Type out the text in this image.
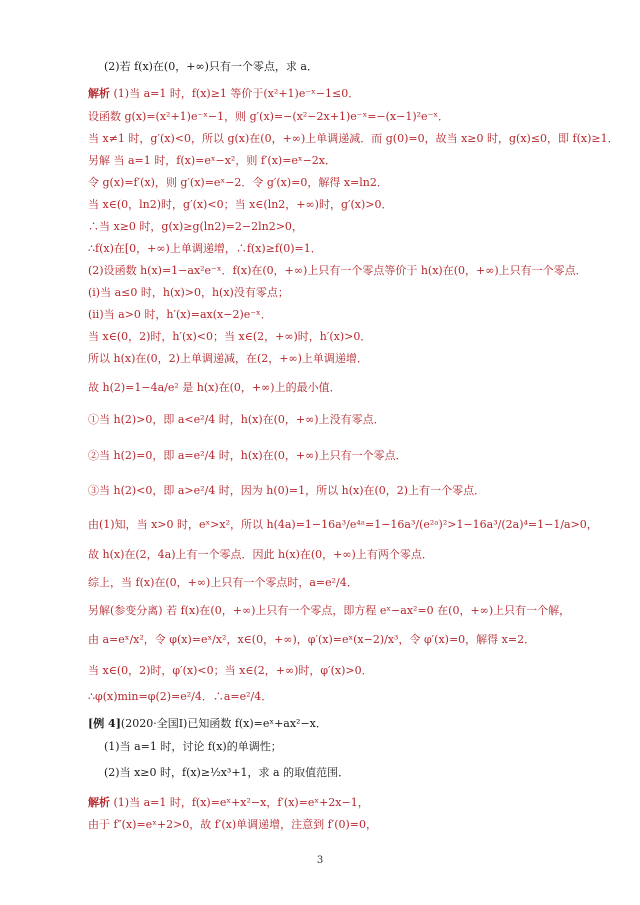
(2)若 f(x)在(0，+∞)只有一个零点，求 a．
解析 (1)当 a=1 时，f(x)≥1 等价于(x²+1)e⁻ˣ−1≤0．
设函数 g(x)=(x²+1)e⁻ˣ−1，则 g′(x)=−(x²−2x+1)e⁻ˣ=−(x−1)²e⁻ˣ．
当 x≠1 时，g′(x)<0，所以 g(x)在(0，+∞)上单调递减．而 g(0)=0，故当 x≥0 时，g(x)≤0，即 f(x)≥1．
另解 当 a=1 时，f(x)=eˣ−x²，则 f′(x)=eˣ−2x．
令 g(x)=f′(x)，则 g′(x)=eˣ−2．令 g′(x)=0，解得 x=ln2．
当 x∈(0，ln2)时，g′(x)<0；当 x∈(ln2，+∞)时，g′(x)>0．
∴当 x≥0 时，g(x)≥g(ln2)=2−2ln2>0，
∴f(x)在[0，+∞)上单调递增，∴f(x)≥f(0)=1．
(2)设函数 h(x)=1−ax²e⁻ˣ．f(x)在(0，+∞)上只有一个零点等价于 h(x)在(0，+∞)上只有一个零点．
(i)当 a≤0 时，h(x)>0，h(x)没有零点；
(ii)当 a>0 时，h′(x)=ax(x−2)e⁻ˣ．
当 x∈(0，2)时，h′(x)<0；当 x∈(2，+∞)时，h′(x)>0．
所以 h(x)在(0，2)上单调递减，在(2，+∞)上单调递增．
故 h(2)=1−4a/e² 是 h(x)在(0，+∞)上的最小值．
①当 h(2)>0，即 a<e²/4 时，h(x)在(0，+∞)上没有零点．
②当 h(2)=0，即 a=e²/4 时，h(x)在(0，+∞)上只有一个零点．
③当 h(2)<0，即 a>e²/4 时，因为 h(0)=1，所以 h(x)在(0，2)上有一个零点．
由(1)知，当 x>0 时，eˣ>x²，所以 h(4a)=1−16a³/e⁴ᵃ=1−16a³/(e²ᵃ)²>1−16a³/(2a)⁴=1−1/a>0，
故 h(x)在(2，4a)上有一个零点．因此 h(x)在(0，+∞)上有两个零点．
综上，当 f(x)在(0，+∞)上只有一个零点时，a=e²/4．
另解(参变分离) 若 f(x)在(0，+∞)上只有一个零点，即方程 eˣ−ax²=0 在(0，+∞)上只有一个解，
由 a=eˣ/x²，令 φ(x)=eˣ/x²，x∈(0，+∞)，φ′(x)=eˣ(x−2)/x³，令 φ′(x)=0，解得 x=2．
当 x∈(0，2)时，φ′(x)<0；当 x∈(2，+∞)时，φ′(x)>0．
∴φ(x)min=φ(2)=e²/4．∴a=e²/4．
[例 4](2020·全国Ⅰ)已知函数 f(x)=eˣ+ax²−x．
(1)当 a=1 时，讨论 f(x)的单调性；
(2)当 x≥0 时，f(x)≥½x³+1，求 a 的取值范围．
解析 (1)当 a=1 时，f(x)=eˣ+x²−x，f′(x)=eˣ+2x−1，
由于 f″(x)=eˣ+2>0，故 f′(x)单调递增，注意到 f′(0)=0，
3
